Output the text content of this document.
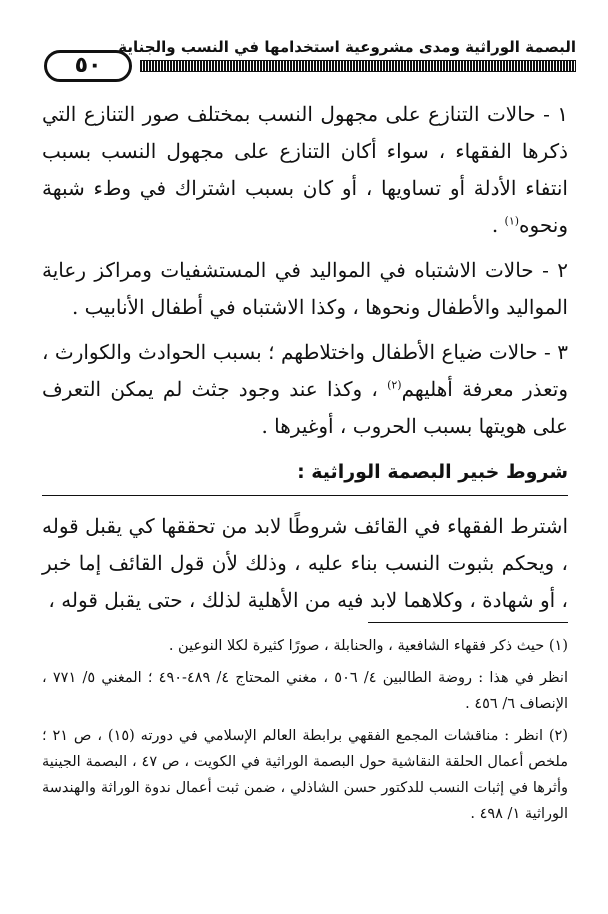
البصمة الوراثية ومدى مشروعية استخدامها في النسب والجناية
٥٠

١ - حالات التنازع على مجهول النسب بمختلف صور التنازع التي ذكرها الفقهاء ، سواء أكان التنازع على مجهول النسب بسبب انتفاء الأدلة أو تساويها ، أو كان بسبب اشتراك في وطء شبهة ونحوه$^{(١)}$ .

٢ - حالات الاشتباه في المواليد في المستشفيات ومراكز رعاية المواليد والأطفال ونحوها ، وكذا الاشتباه في أطفال الأنابيب .

٣ - حالات ضياع الأطفال واختلاطهم ؛ بسبب الحوادث والكوارث ، وتعذر معرفة أهليهم$^{(٢)}$ ، وكذا عند وجود جثث لم يمكن التعرف على هويتها بسبب الحروب ، أوغيرها .

شروط خبير البصمة الوراثية :

اشترط الفقهاء في القائف شروطًا لابد من تحققها كي يقبل قوله ، ويحكم بثبوت النسب بناء عليه ، وذلك لأن قول القائف إما خبر ، أو شهادة ، وكلاهما لابد فيه من الأهلية لذلك ، حتى يقبل قوله ،

(١) حيث ذكر فقهاء الشافعية ، والحنابلة ، صورًا كثيرة لكلا النوعين .

انظر في هذا : روضة الطالبين ٤/ ٥٠٦ ، مغني المحتاج ٤/ ٤٨٩-٤٩٠ ؛ المغني ٥/ ٧٧١ ، الإنصاف ٦/ ٤٥٦ .

(٢) انظر : مناقشات المجمع الفقهي برابطة العالم الإسلامي في دورته (١٥) ، ص ٢١ ؛ ملخص أعمال الحلقة النقاشية حول البصمة الوراثية في الكويت ، ص ٤٧ ، البصمة الجينية وأثرها في إثبات النسب للدكتور حسن الشاذلي ، ضمن ثبت أعمال ندوة الوراثة والهندسة الوراثية ١/ ٤٩٨ .
